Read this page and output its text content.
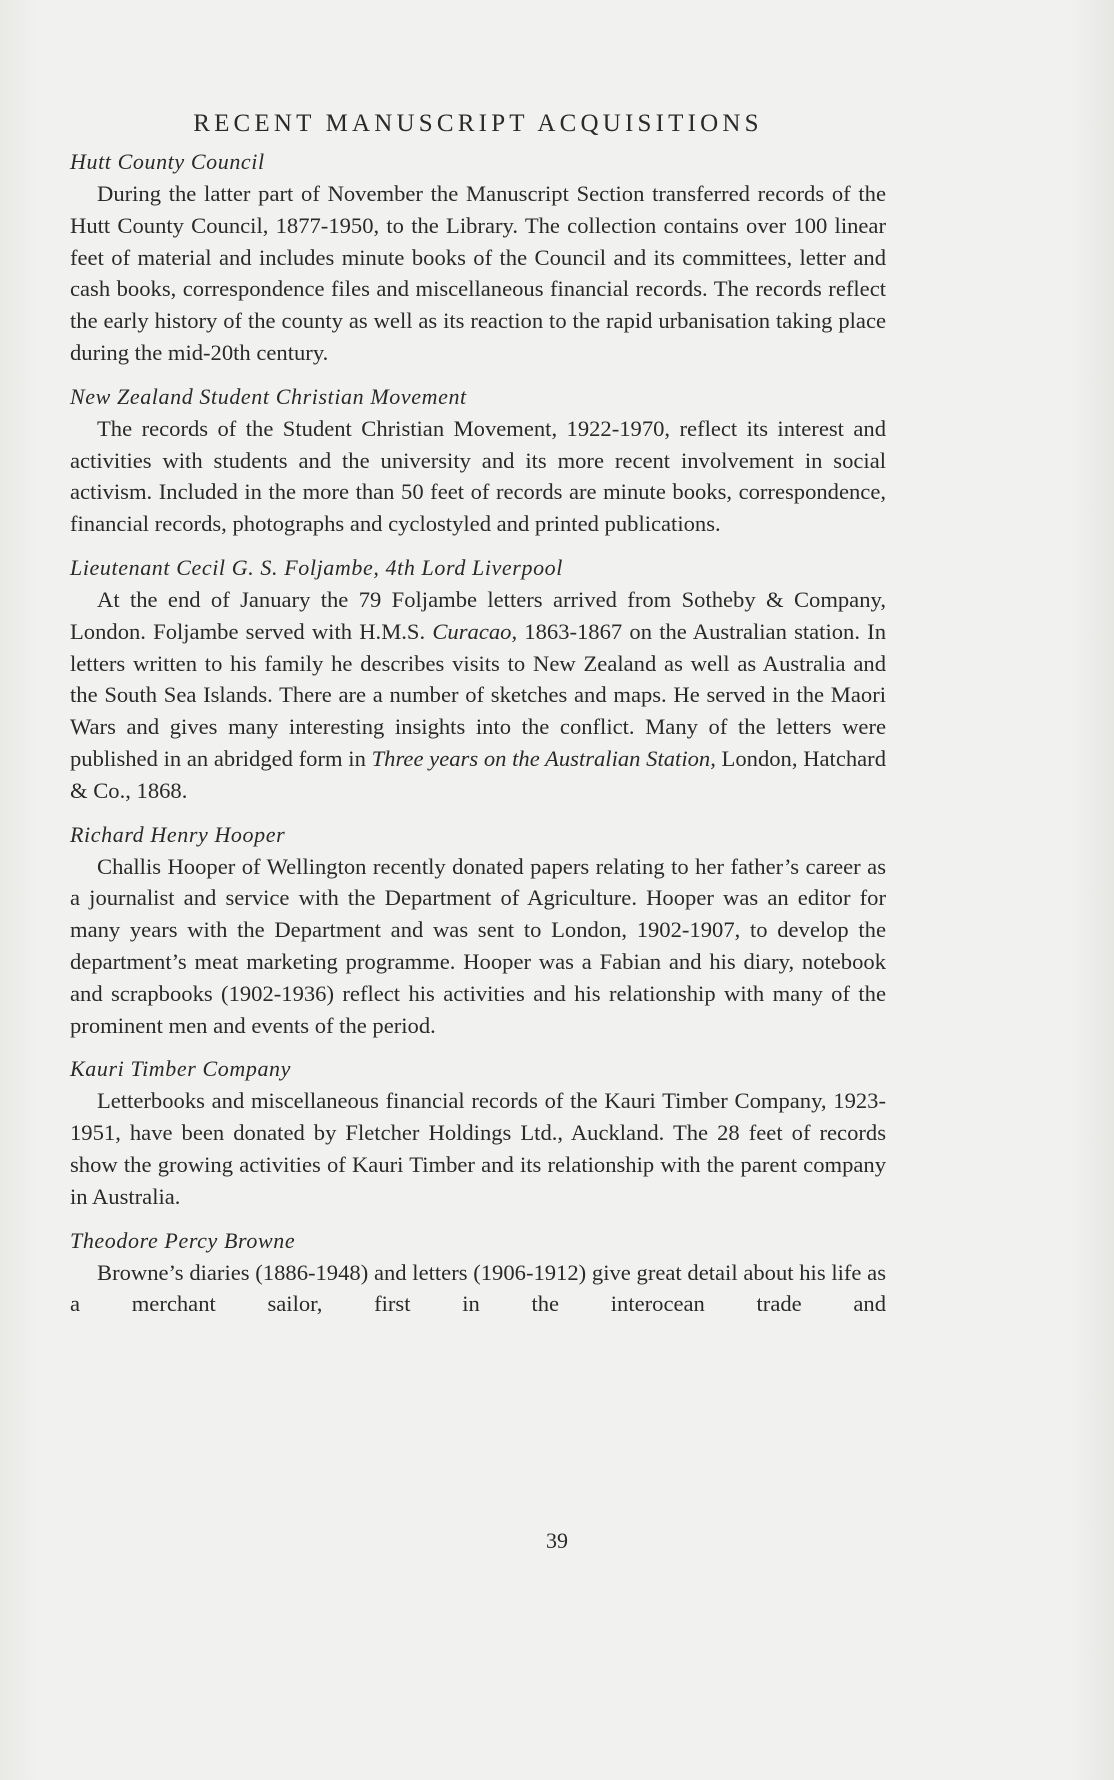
RECENT MANUSCRIPT ACQUISITIONS

Hutt County Council

During the latter part of November the Manuscript Section transferred records of the Hutt County Council, 1877-1950, to the Library. The collection contains over 100 linear feet of material and includes minute books of the Council and its committees, letter and cash books, correspondence files and miscellaneous financial records. The records reflect the early history of the county as well as its reaction to the rapid urbanisation taking place during the mid-20th century.

New Zealand Student Christian Movement

The records of the Student Christian Movement, 1922-1970, reflect its interest and activities with students and the university and its more recent involvement in social activism. Included in the more than 50 feet of records are minute books, correspondence, financial records, photographs and cyclostyled and printed publications.

Lieutenant Cecil G. S. Foljambe, 4th Lord Liverpool

At the end of January the 79 Foljambe letters arrived from Sotheby & Company, London. Foljambe served with H.M.S. Curacao, 1863-1867 on the Australian station. In letters written to his family he describes visits to New Zealand as well as Australia and the South Sea Islands. There are a number of sketches and maps. He served in the Maori Wars and gives many interesting insights into the conflict. Many of the letters were published in an abridged form in Three years on the Australian Station, London, Hatchard & Co., 1868.

Richard Henry Hooper

Challis Hooper of Wellington recently donated papers relating to her father’s career as a journalist and service with the Department of Agriculture. Hooper was an editor for many years with the Department and was sent to London, 1902-1907, to develop the department’s meat marketing programme. Hooper was a Fabian and his diary, notebook and scrapbooks (1902-1936) reflect his activities and his relationship with many of the prominent men and events of the period.

Kauri Timber Company

Letterbooks and miscellaneous financial records of the Kauri Timber Company, 1923-1951, have been donated by Fletcher Holdings Ltd., Auckland. The 28 feet of records show the growing activities of Kauri Timber and its relationship with the parent company in Australia.

Theodore Percy Browne

Browne’s diaries (1886-1948) and letters (1906-1912) give great detail about his life as a merchant sailor, first in the interocean trade and

39
